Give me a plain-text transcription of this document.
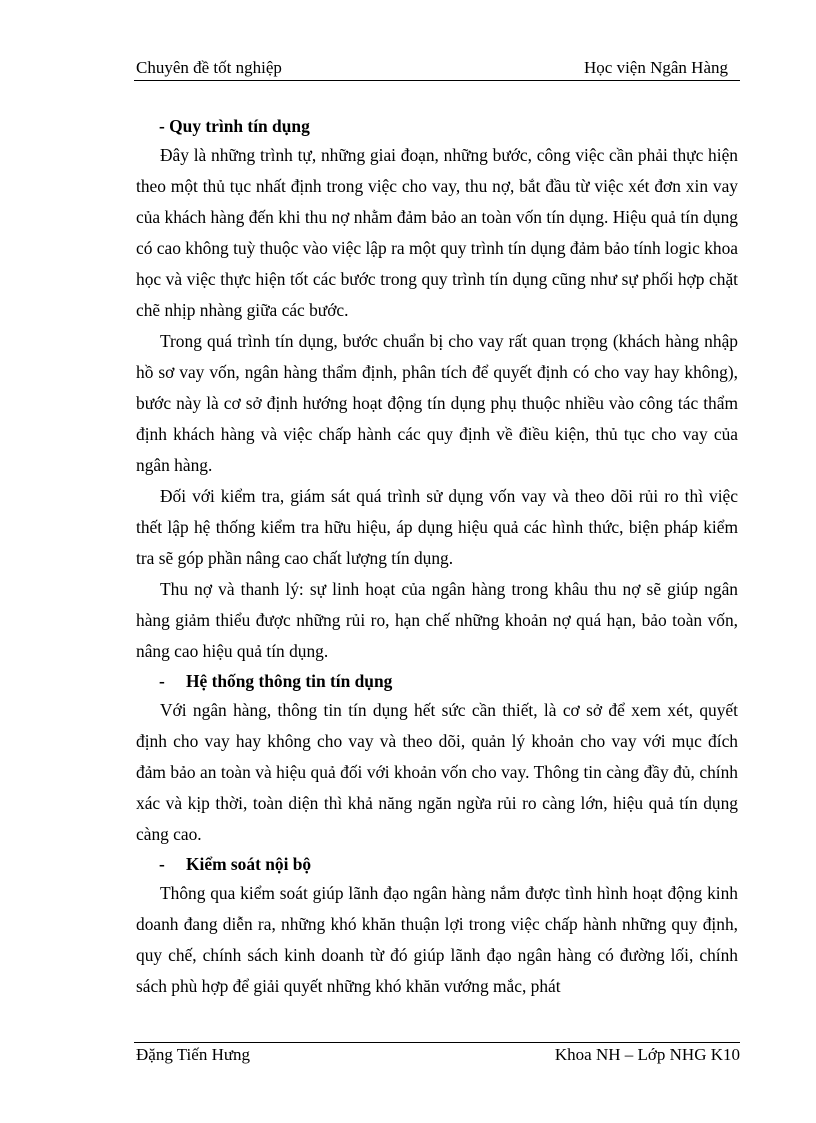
Chuyên đề tốt nghiệp	Học viện Ngân Hàng
- Quy trình tín dụng

Đây là những trình tự, những giai đoạn, những bước, công việc cần phải thực hiện theo một thủ tục nhất định trong việc cho vay, thu nợ, bắt đầu từ việc xét đơn xin vay của khách hàng đến khi thu nợ nhằm đảm bảo an toàn vốn tín dụng. Hiệu quả tín dụng có cao không tuỳ thuộc vào việc lập ra một quy trình tín dụng đảm bảo tính logic khoa học và việc thực hiện tốt các bước trong quy trình tín dụng cũng như sự phối hợp chặt chẽ nhịp nhàng giữa các bước.

Trong quá trình tín dụng, bước chuẩn bị cho vay rất quan trọng (khách hàng nhập hồ sơ vay vốn, ngân hàng thẩm định, phân tích để quyết định có cho vay hay không), bước này là cơ sở định hướng hoạt động tín dụng phụ thuộc nhiều vào công tác thẩm định khách hàng và việc chấp hành các quy định về điều kiện, thủ tục cho vay của ngân hàng.

Đối với kiểm tra, giám sát quá trình sử dụng vốn vay và theo dõi rủi ro thì việc thết lập hệ thống kiểm tra hữu hiệu, áp dụng hiệu quả các hình thức, biện pháp kiểm tra sẽ góp phần nâng cao chất lượng tín dụng.

Thu nợ và thanh lý: sự linh hoạt của ngân hàng trong khâu thu nợ sẽ giúp ngân hàng giảm thiểu được những rủi ro, hạn chế những khoản nợ quá hạn, bảo toàn vốn, nâng cao hiệu quả tín dụng.

- Hệ thống thông tin tín dụng

Với ngân hàng, thông tin tín dụng hết sức cần thiết, là cơ sở để xem xét, quyết định cho vay hay không cho vay và theo dõi, quản lý khoản cho vay với mục đích đảm bảo an toàn và hiệu quả đối với khoản vốn cho vay. Thông tin càng đầy đủ, chính xác và kịp thời, toàn diện thì khả năng ngăn ngừa rủi ro càng lớn, hiệu quả tín dụng càng cao.

- Kiểm soát nội bộ

Thông qua kiểm soát giúp lãnh đạo ngân hàng nắm được tình hình hoạt động kinh doanh đang diễn ra, những khó khăn thuận lợi trong việc chấp hành những quy định, quy chế, chính sách kinh doanh từ đó giúp lãnh đạo ngân hàng có đường lối, chính sách phù hợp để giải quyết những khó khăn vướng mắc, phát

Đặng Tiến Hưng	Khoa NH – Lớp NHG K10
